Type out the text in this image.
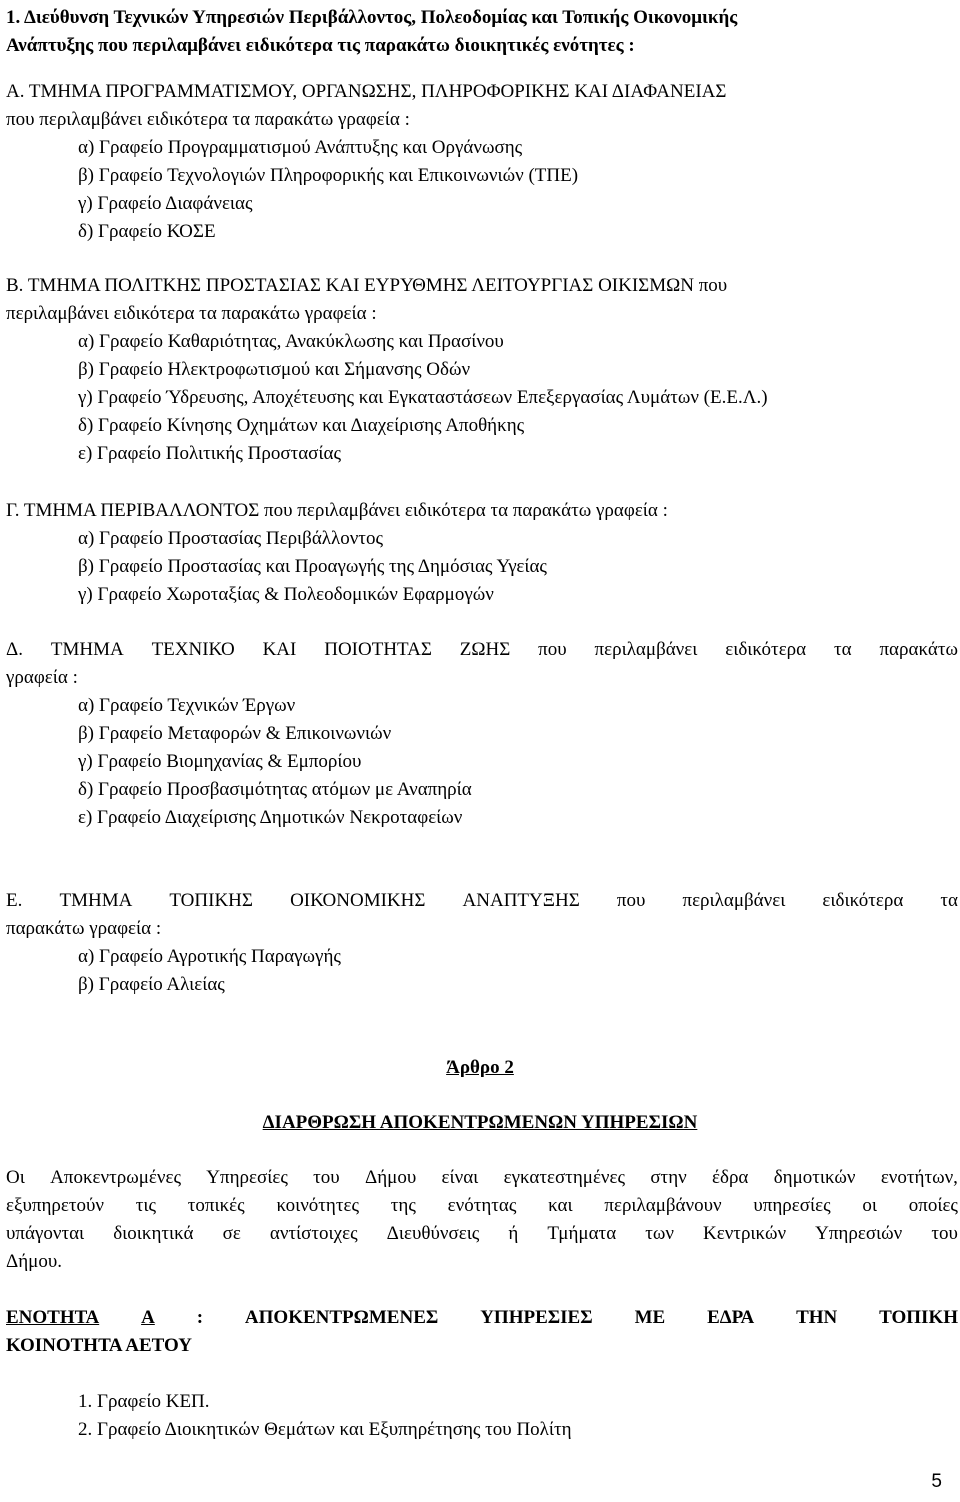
1. Διεύθυνση Τεχνικών Υπηρεσιών Περιβάλλοντος, Πολεοδομίας και Τοπικής Οικονομικής
Ανάπτυξης που περιλαμβάνει ειδικότερα τις παρακάτω διοικητικές ενότητες :
Α. ΤΜΗΜΑ ΠΡΟΓΡΑΜΜΑΤΙΣΜΟΥ, ΟΡΓΑΝΩΣΗΣ, ΠΛΗΡΟΦΟΡΙΚΗΣ ΚΑΙ ΔΙΑΦΑΝΕΙΑΣ
που περιλαμβάνει ειδικότερα τα παρακάτω γραφεία :
α) Γραφείο Προγραμματισμού Ανάπτυξης και Οργάνωσης
β) Γραφείο Τεχνολογιών Πληροφορικής και Επικοινωνιών (ΤΠΕ)
γ) Γραφείο Διαφάνειας
δ) Γραφείο ΚΟΣΕ
Β. ΤΜΗΜΑ ΠΟΛΙΤΚΗΣ ΠΡΟΣΤΑΣΙΑΣ ΚΑΙ ΕΥΡΥΘΜΗΣ ΛΕΙΤΟΥΡΓΙΑΣ ΟΙΚΙΣΜΩΝ που
περιλαμβάνει ειδικότερα τα παρακάτω γραφεία :
α) Γραφείο Καθαριότητας, Ανακύκλωσης και Πρασίνου
β) Γραφείο Ηλεκτροφωτισμού και Σήμανσης Οδών
γ) Γραφείο Ύδρευσης, Αποχέτευσης και Εγκαταστάσεων Επεξεργασίας Λυμάτων (Ε.Ε.Λ.)
δ) Γραφείο Κίνησης Οχημάτων και Διαχείρισης Αποθήκης
ε) Γραφείο Πολιτικής Προστασίας
Γ. ΤΜΗΜΑ ΠΕΡΙΒΑΛΛΟΝΤΟΣ που περιλαμβάνει ειδικότερα τα παρακάτω γραφεία :
α) Γραφείο Προστασίας Περιβάλλοντος
β) Γραφείο Προστασίας και Προαγωγής της Δημόσιας Υγείας
γ) Γραφείο Χωροταξίας & Πολεοδομικών Εφαρμογών
Δ. ΤΜΗΜΑ ΤΕΧΝΙΚΟ ΚΑΙ ΠΟΙΟΤΗΤΑΣ ΖΩΗΣ που περιλαμβάνει ειδικότερα τα παρακάτω
γραφεία :
α) Γραφείο Τεχνικών Έργων
β) Γραφείο Μεταφορών & Επικοινωνιών
γ) Γραφείο Βιομηχανίας & Εμπορίου
δ) Γραφείο Προσβασιμότητας ατόμων με Αναπηρία
ε) Γραφείο Διαχείρισης Δημοτικών Νεκροταφείων
Ε. ΤΜΗΜΑ ΤΟΠΙΚΗΣ ΟΙΚΟΝΟΜΙΚΗΣ ΑΝΑΠΤΥΞΗΣ που περιλαμβάνει ειδικότερα τα
παρακάτω γραφεία :
α) Γραφείο Αγροτικής Παραγωγής
β) Γραφείο Αλιείας
Άρθρο 2
ΔΙΑΡΘΡΩΣΗ ΑΠΟΚΕΝΤΡΩΜΕΝΩΝ ΥΠΗΡΕΣΙΩΝ
Οι Αποκεντρωμένες Υπηρεσίες του Δήμου είναι εγκατεστημένες στην έδρα δημοτικών ενοτήτων,
εξυπηρετούν τις τοπικές κοινότητες της ενότητας και περιλαμβάνουν υπηρεσίες οι οποίες
υπάγονται διοικητικά σε αντίστοιχες Διευθύνσεις ή Τμήματα των Κεντρικών Υπηρεσιών του
Δήμου.
ΕΝΟΤΗΤΑ Α : ΑΠΟΚΕΝΤΡΩΜΕΝΕΣ ΥΠΗΡΕΣΙΕΣ ΜΕ ΕΔΡΑ ΤΗΝ ΤΟΠΙΚΗ
ΚΟΙΝΟΤΗΤΑ ΑΕΤΟΥ
1. Γραφείο ΚΕΠ.
2. Γραφείο Διοικητικών Θεμάτων και Εξυπηρέτησης του Πολίτη
5
